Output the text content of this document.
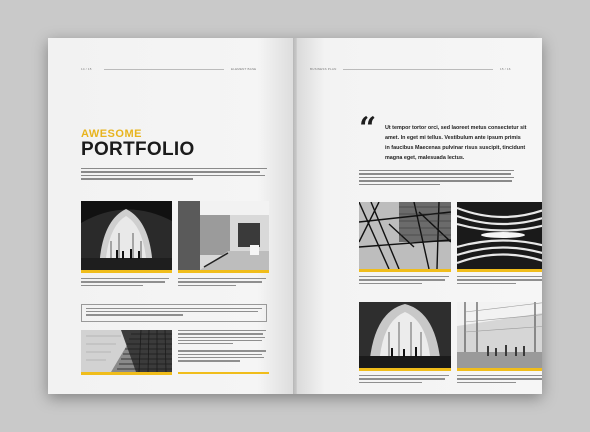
14 / 15	ELEMENT BASE
AWESOME
PORTFOLIO
BUSINESS PLAN	15 / 16
“ Ut tempor tortor orci, sed laoreet metus consectetur sit
amet. In eget mi tellus. Vestibulum ante ipsum primis
in faucibus Maecenas pulvinar risus suscipit, tincidunt
magna eget, malesuada lectus.
